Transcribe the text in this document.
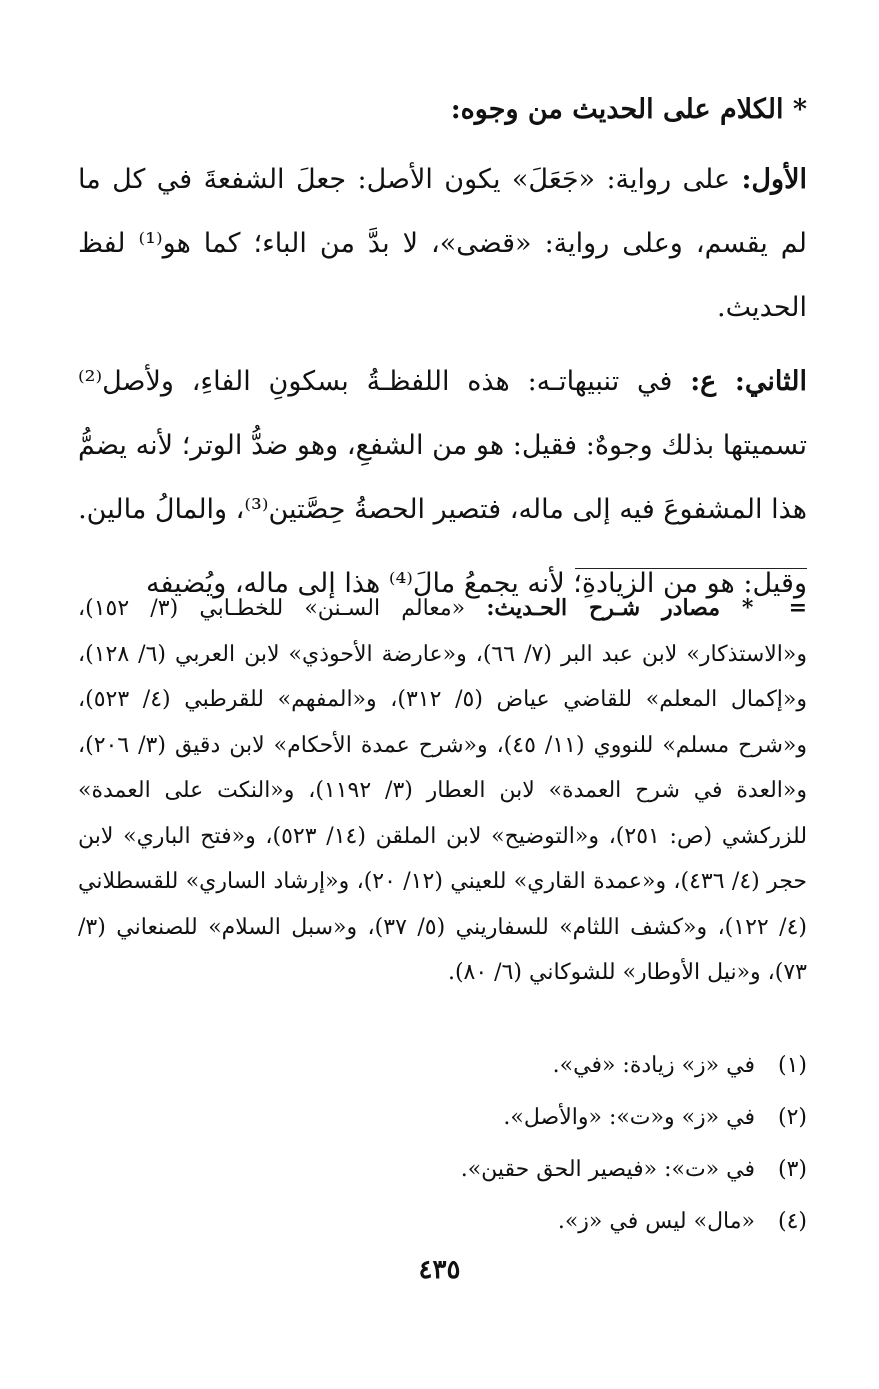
* الكلام على الحديث من وجوه:

الأول: على رواية: «جَعَلَ» يكون الأصل: جعلَ الشفعةَ في كل ما لم يقسم، وعلى رواية: «قضى»، لا بدَّ من الباء؛ كما هو⁽¹⁾ لفظ الحديث.

الثاني: ع: في تنبيهاتـه: هذه اللفظـةُ بسكونِ الفاءِ، ولأصل⁽²⁾ تسميتها بذلك وجوهٌ: فقيل: هو من الشفعِ، وهو ضدُّ الوتر؛ لأنه يضمُّ هذا المشفوعَ فيه إلى ماله، فتصير الحصةُ حِصَّتين⁽³⁾، والمالُ مالين.

وقيل: هو من الزيادةِ؛ لأنه يجمعُ مالَ⁽⁴⁾ هذا إلى ماله، ويُضيفه

= * مصادر شـرح الحـديث: «معالم السـنن» للخطـابي (٣/ ١٥٢)، و«الاستذكار» لابن عبد البر (٧/ ٦٦)، و«عارضة الأحوذي» لابن العربي (٦/ ١٢٨)، و«إكمال المعلم» للقاضي عياض (٥/ ٣١٢)، و«المفهم» للقرطبي (٤/ ٥٢٣)، و«شرح مسلم» للنووي (١١/ ٤٥)، و«شرح عمدة الأحكام» لابن دقيق (٣/ ٢٠٦)، و«العدة في شرح العمدة» لابن العطار (٣/ ١١٩٢)، و«النكت على العمدة» للزركشي (ص: ٢٥١)، و«التوضيح» لابن الملقن (١٤/ ٥٢٣)، و«فتح الباري» لابن حجر (٤/ ٤٣٦)، و«عمدة القاري» للعيني (١٢/ ٢٠)، و«إرشاد الساري» للقسطلاني (٤/ ١٢٢)، و«كشف اللثام» للسفاريني (٥/ ٣٧)، و«سبل السلام» للصنعاني (٣/ ٧٣)، و«نيل الأوطار» للشوكاني (٦/ ٨٠).
(١)في «ز» زيادة: «في».
(٢)في «ز» و«ت»: «والأصل».
(٣)في «ت»: «فيصير الحق حقين».
(٤)«مال» ليس في «ز».
٤٣٥
